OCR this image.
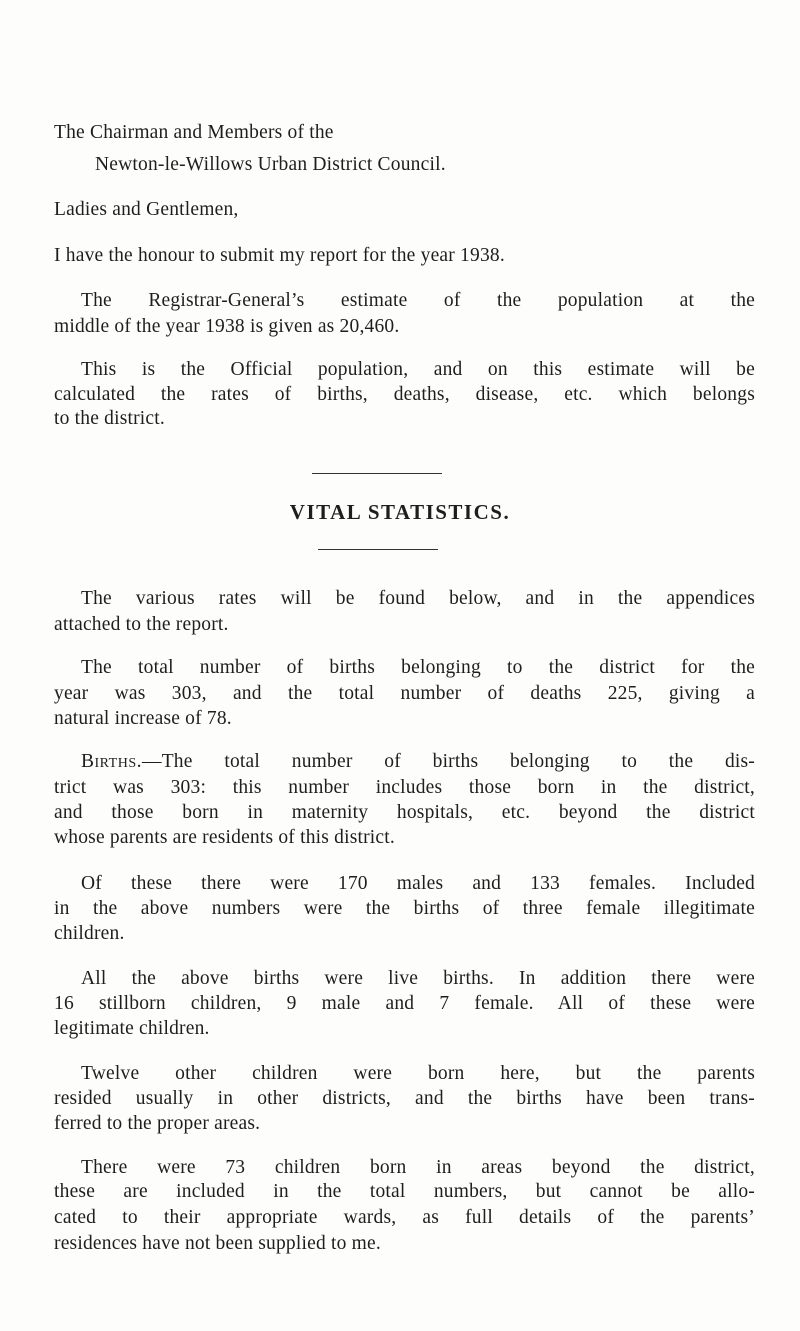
The Chairman and Members of the
Newton-le-Willows Urban District Council.
Ladies and Gentlemen,
I have the honour to submit my report for the year 1938.
The Registrar-General’s estimate of the population at the
middle of the year 1938 is given as 20,460.
This is the Official population, and on this estimate will be
calculated the rates of births, deaths, disease, etc. which belongs
to the district.
VITAL STATISTICS.
The various rates will be found below, and in the appendices
attached to the report.
The total number of births belonging to the district for the
year was 303, and the total number of deaths 225, giving a
natural increase of 78.
Births.—The total number of births belonging to the dis-
trict was 303: this number includes those born in the district,
and those born in maternity hospitals, etc. beyond the district
whose parents are residents of this district.
Of these there were 170 males and 133 females. Included
in the above numbers were the births of three female illegitimate
children.
All the above births were live births. In addition there were
16 stillborn children, 9 male and 7 female. All of these were
legitimate children.
Twelve other children were born here, but the parents
resided usually in other districts, and the births have been trans-
ferred to the proper areas.
There were 73 children born in areas beyond the district,
these are included in the total numbers, but cannot be allo-
cated to their appropriate wards, as full details of the parents’
residences have not been supplied to me.
